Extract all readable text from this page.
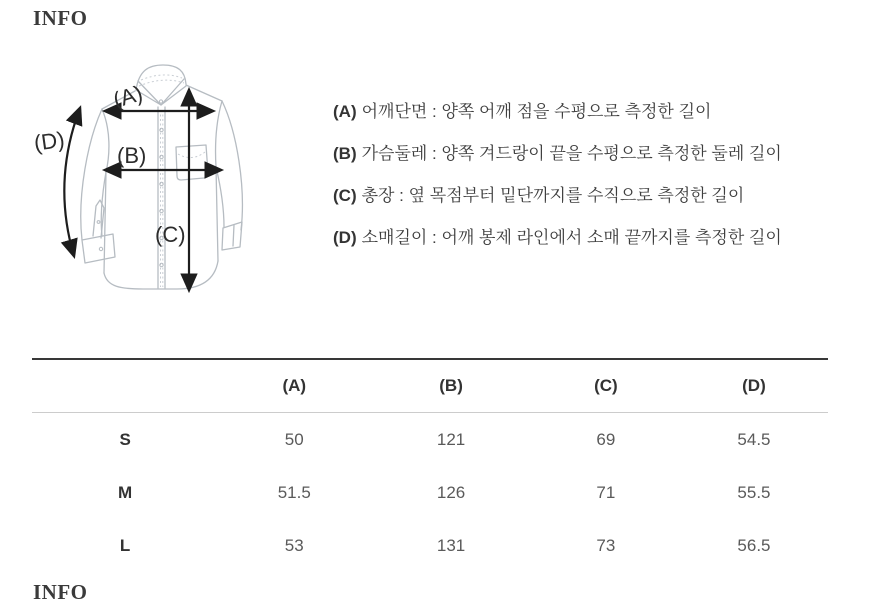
INFO
(A)
(B)
(C)
(D)
(A) 어깨단면 : 양쪽 어깨 점을 수평으로 측정한 길이
(B) 가슴둘레 : 양쪽 겨드랑이 끝을 수평으로 측정한 둘레 길이
(C) 총장 : 옆 목점부터 밑단까지를 수직으로 측정한 길이
(D) 소매길이 : 어깨 봉제 라인에서 소매 끝까지를 측정한 길이
	(A)	(B)	(C)	(D)
S	50	121	69	54.5
M	51.5	126	71	55.5
L	53	131	73	56.5
INFO
